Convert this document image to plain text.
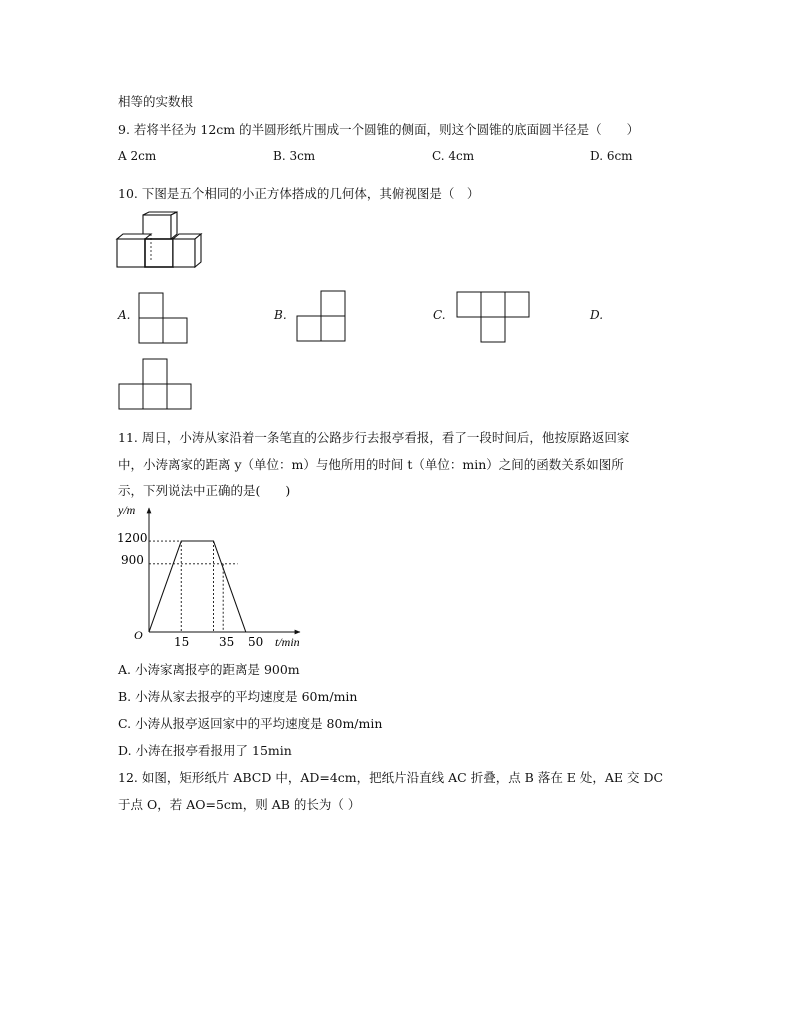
相等的实数根
9. 若将半径为 12cm 的半圆形纸片围成一个圆锥的侧面，则这个圆锥的底面圆半径是（　　）
A 2cm	B. 3cm	C. 4cm	D. 6cm
10. 下图是五个相同的小正方体搭成的几何体，其俯视图是（　）
A.	B.	C.	D.
11. 周日，小涛从家沿着一条笔直的公路步行去报亭看报，看了一段时间后，他按原路返回家
中，小涛离家的距离 y（单位：m）与他所用的时间 t（单位：min）之间的函数关系如图所
示，下列说法中正确的是(　　)
y/m
t/min
O	15 35 50
1200
900
A. 小涛家离报亭的距离是 900m
B. 小涛从家去报亭的平均速度是 60m/min
C. 小涛从报亭返回家中的平均速度是 80m/min
D. 小涛在报亭看报用了 15min
12. 如图，矩形纸片 ABCD 中，AD=4cm，把纸片沿直线 AC 折叠，点 B 落在 E 处，AE 交 DC
于点 O，若 AO=5cm，则 AB 的长为（ ）
